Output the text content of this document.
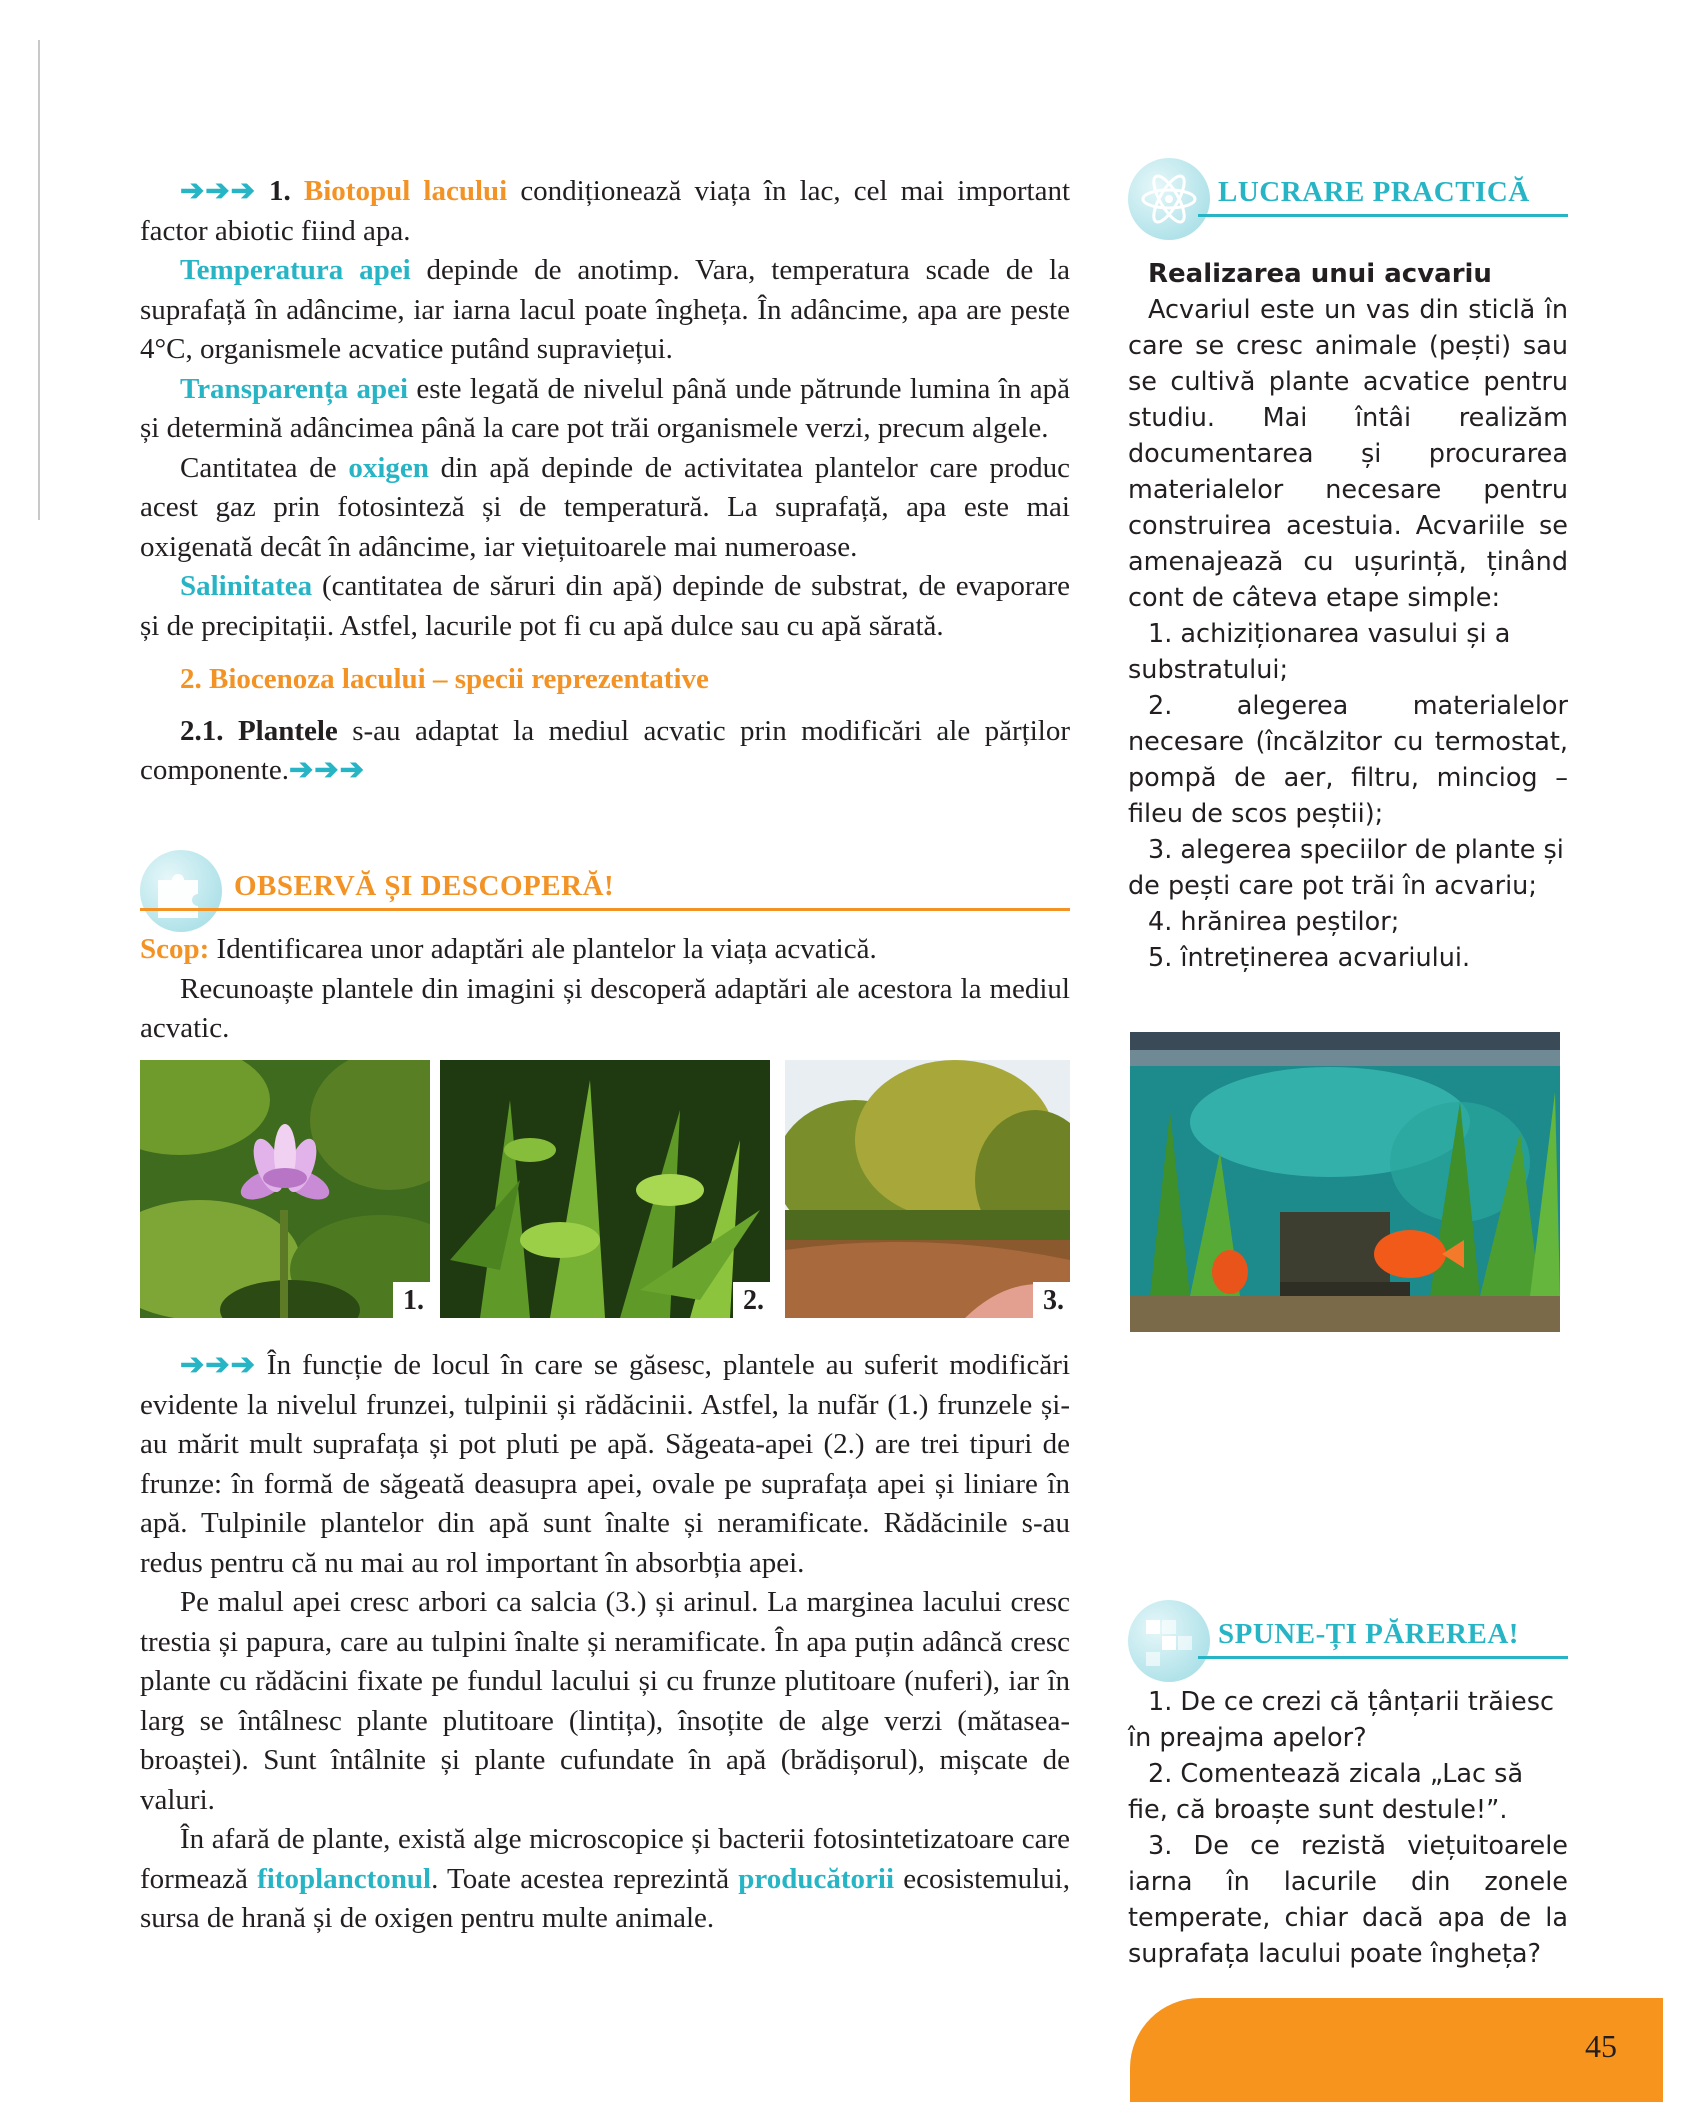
➔➔➔ 1. Biotopul lacului condiționează viața în lac, cel mai important factor abiotic fiind apa.

Temperatura apei depinde de anotimp. Vara, temperatura scade de la suprafață în adâncime, iar iarna lacul poate îngheța. În adâncime, apa are peste 4°C, organismele acvatice putând supraviețui.

Transparența apei este legată de nivelul până unde pătrunde lumina în apă și determină adâncimea până la care pot trăi organismele verzi, precum algele.

Cantitatea de oxigen din apă depinde de activitatea plantelor care produc acest gaz prin fotosinteză și de temperatură. La suprafață, apa este mai oxigenată decât în adâncime, iar viețuitoarele mai numeroase.

Salinitatea (cantitatea de săruri din apă) depinde de substrat, de evaporare și de precipitații. Astfel, lacurile pot fi cu apă dulce sau cu apă sărată.

2. Biocenoza lacului – specii reprezentative

2.1. Plantele s-au adaptat la mediul acvatic prin modificări ale părților componente.➔➔➔

OBSERVĂ ȘI DESCOPERĂ!

Scop: Identificarea unor adaptări ale plantelor la viața acvatică.

Recunoaște plantele din imagini și descoperă adaptări ale acestora la mediul acvatic.

1.	2.	3.

➔➔➔ În funcție de locul în care se găsesc, plantele au suferit modificări evidente la nivelul frunzei, tulpinii și rădăcinii. Astfel, la nufăr (1.) frunzele și-au mărit mult suprafața și pot pluti pe apă. Săgeata-apei (2.) are trei tipuri de frunze: în formă de săgeată deasupra apei, ovale pe suprafața apei și liniare în apă. Tulpinile plantelor din apă sunt înalte și neramificate. Rădăcinile s-au redus pentru că nu mai au rol important în absorbția apei.

Pe malul apei cresc arbori ca salcia (3.) și arinul. La marginea lacului cresc trestia și papura, care au tulpini înalte și neramificate. În apa puțin adâncă cresc plante cu rădăcini fixate pe fundul lacului și cu frunze plutitoare (nuferi), iar în larg se întâlnesc plante plutitoare (lintița), însoțite de alge verzi (mătasea-broaștei). Sunt întâlnite și plante cufundate în apă (brădișorul), mișcate de valuri.

În afară de plante, există alge microscopice și bacterii fotosintetizatoare care formează fitoplanctonul. Toate acestea reprezintă producătorii ecosistemului, sursa de hrană și de oxigen pentru multe animale.

LUCRARE PRACTICĂ

Realizarea unui acvariu

Acvariul este un vas din sticlă în care se cresc animale (pești) sau se cultivă plante acvatice pentru studiu. Mai întâi realizăm documentarea și procurarea materialelor necesare pentru construirea acestuia. Acvariile se amenajează cu ușurință, ținând cont de câteva etape simple:

1. achiziționarea vasului și a substratului;

2. alegerea materialelor necesare (încălzitor cu termostat, pompă de aer, filtru, minciog – fileu de scos peștii);

3. alegerea speciilor de plante și de pești care pot trăi în acvariu;

4. hrănirea peștilor;

5. întreținerea acvariului.

SPUNE-ȚI PĂREREA!

1. De ce crezi că țânțarii trăiesc în preajma apelor?

2. Comentează zicala „Lac să fie, că broaște sunt destule!”.

3. De ce rezistă viețuitoarele iarna în lacurile din zonele temperate, chiar dacă apa de la suprafața lacului poate îngheța?

45
